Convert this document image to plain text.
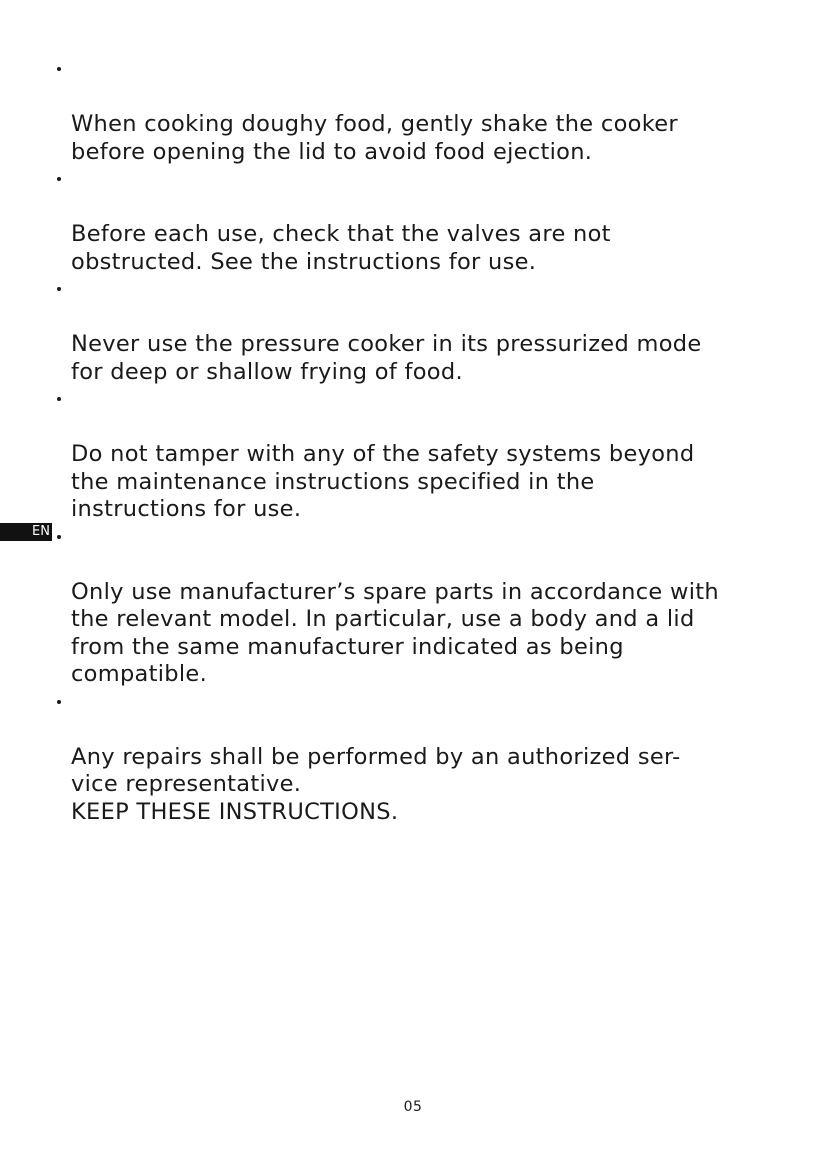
When cooking doughy food, gently shake the cooker
before opening the lid to avoid food ejection.

Before each use, check that the valves are not
obstructed. See the instructions for use.

Never use the pressure cooker in its pressurized mode
for deep or shallow frying of food.

Do not tamper with any of the safety systems beyond
the maintenance instructions specified in the
instructions for use.

Only use manufacturer’s spare parts in accordance with
the relevant model. In particular, use a body and a lid
from the same manufacturer indicated as being
compatible.

Any repairs shall be performed by an authorized ser-
vice representative.

KEEP THESE INSTRUCTIONS.
EN
05
